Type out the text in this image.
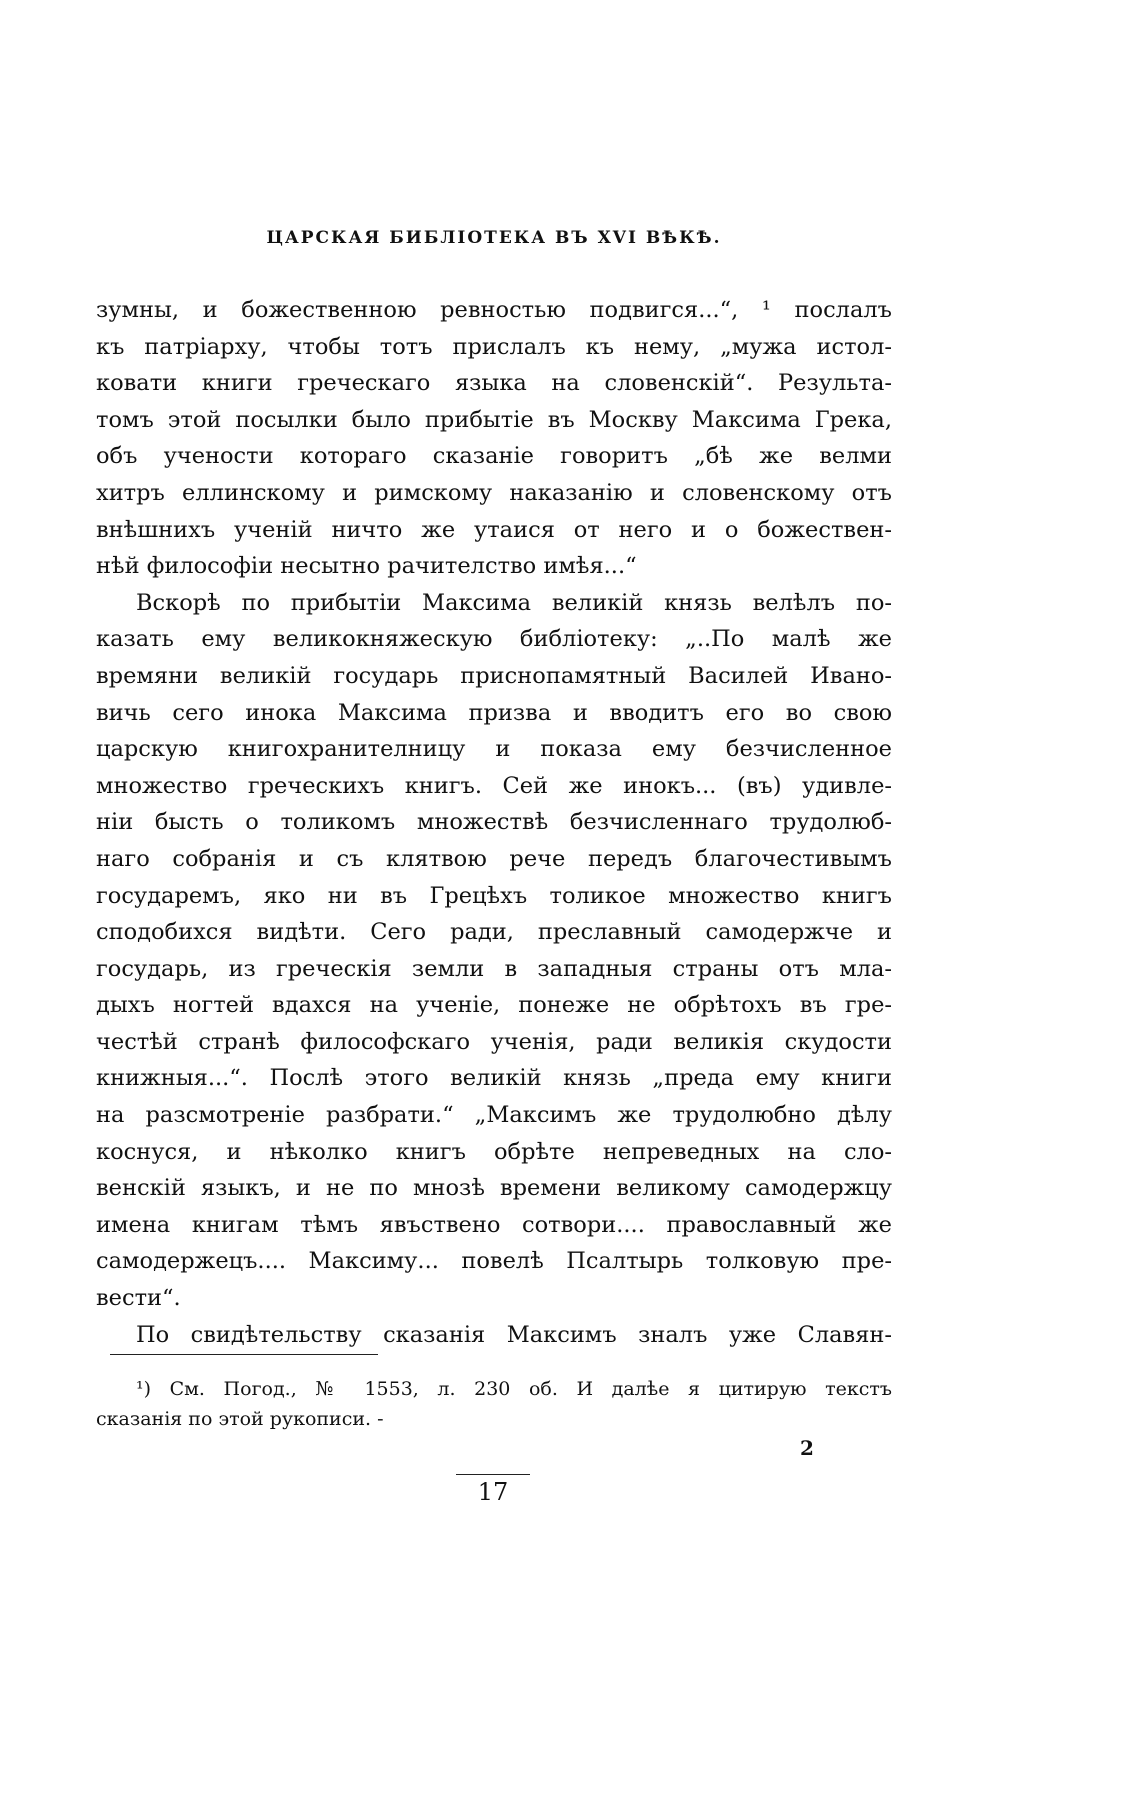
ЦАРСКАЯ БИБЛIОТЕКА ВЪ XVI ВѢКѢ.
зумны, и божественною ревностью подвигся...“, ¹ послалъ
къ патрiарху, чтобы тотъ прислалъ къ нему, „мужа истол-
ковати книги греческаго языка на словенскiй“. Результа-
томъ этой посылки было прибытiе въ Москву Максима Грека,
объ учености котораго сказанiе говоритъ „бѣ же велми
хитръ еллинскому и римскому наказанiю и словенскому отъ
внѣшнихъ ученiй ничто же утаися от него и о божествен-
нѣй философiи несытно рачителство имѣя...“
Вскорѣ по прибытiи Максима великiй князь велѣлъ по-
казать ему великокняжескую библiотеку: „..По малѣ же
времяни великiй государь приснопамятный Василей Ивано-
вичь сего инока Максима призва и вводитъ его во свою
царскую книгохранителницу и показа ему безчисленное
множество греческихъ книгъ. Сей же инокъ... (въ) удивле-
нiи бысть о толикомъ множествѣ безчисленнаго трудолюб-
наго собранiя и съ клятвою рече передъ благочестивымъ
государемъ, яко ни въ Грецѣхъ толикое множество книгъ
сподобихся видѣти. Сего ради, преславный самодержче и
государь, из греческiя земли в западныя страны отъ мла-
дыхъ ногтей вдахся на ученiе, понеже не обрѣтохъ въ гре-
честѣй странѣ философскаго ученiя, ради великiя скудости
книжныя...“. Послѣ этого великiй князь „преда ему книги
на разсмотренiе разбрати.“ „Максимъ же трудолюбно дѣлу
коснуся, и нѣколко книгъ обрѣте непреведных на сло-
венскiй языкъ, и не по мнозѣ времени великому самодержцу
имена книгам тѣмъ явъствено сотвори.... православный же
самодержецъ.... Максиму... повелѣ Псалтырь толковую пре-
вести“.
По свидѣтельству сказанiя Максимъ зналъ уже Славян-
¹) См. Погод., № 1553, л. 230 об. И далѣе я цитирую текстъ
сказанiя по этой рукописи. -
2
17
